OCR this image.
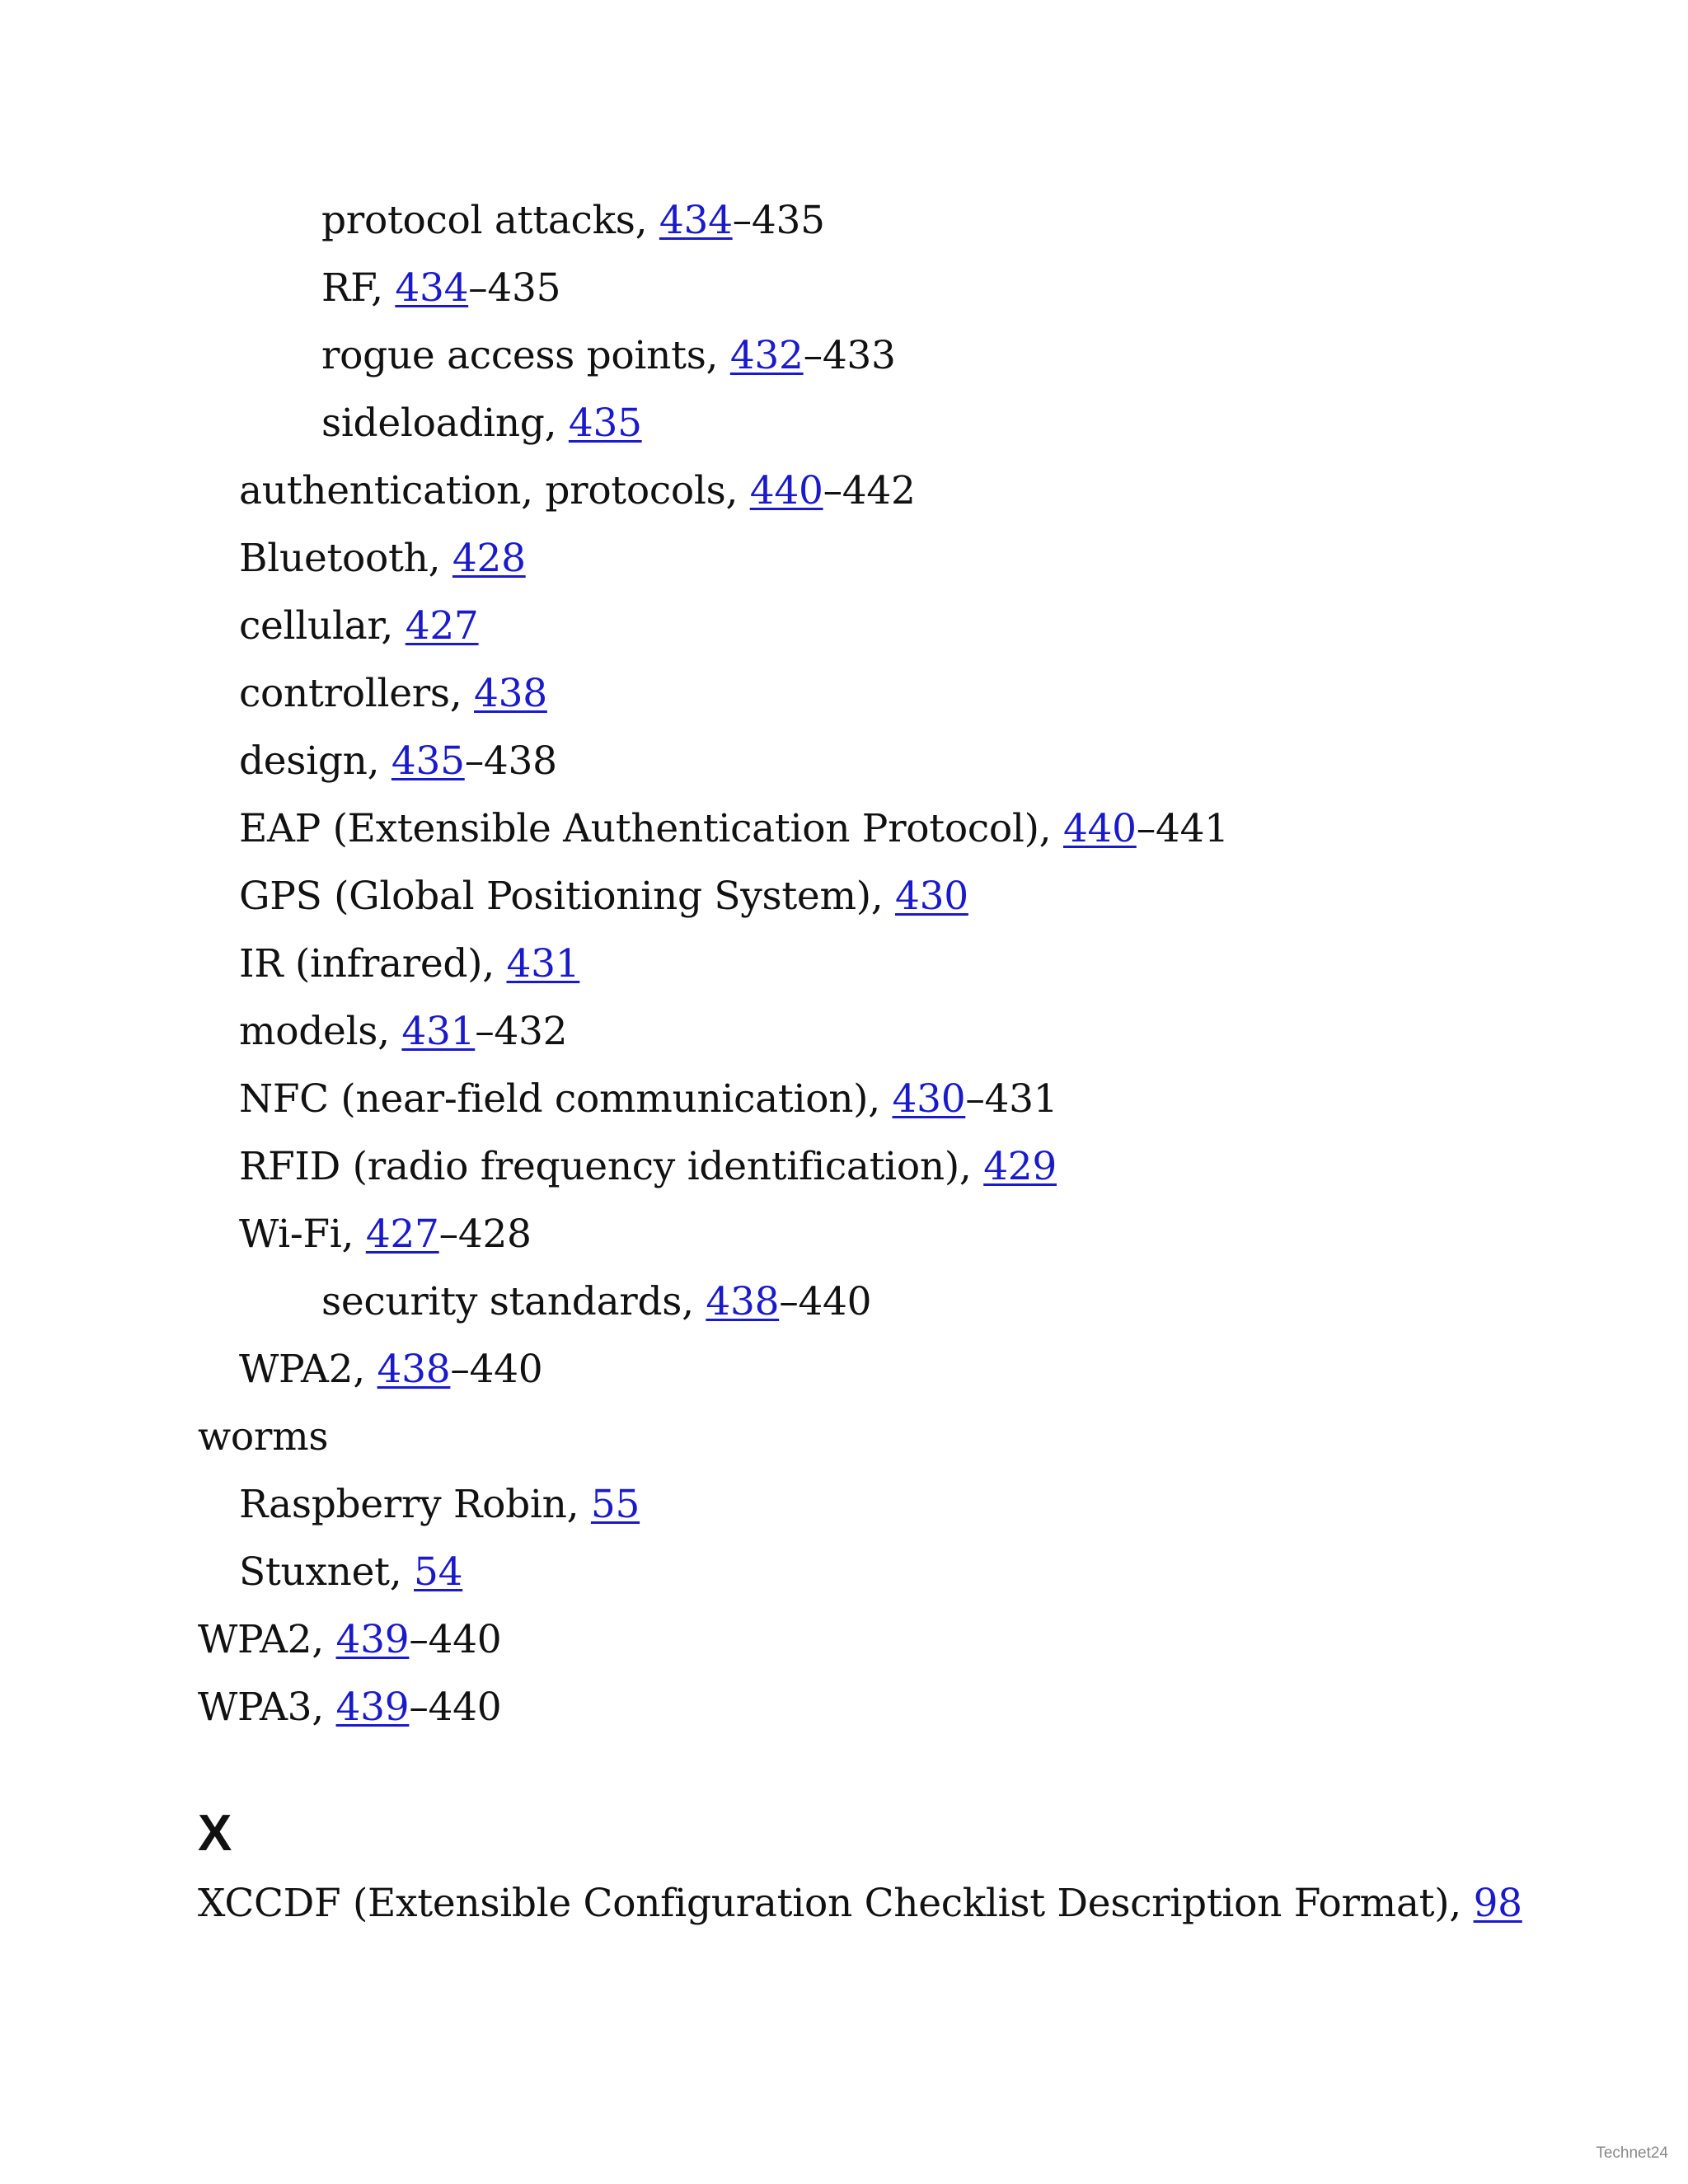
protocol attacks, 434–435
RF, 434–435
rogue access points, 432–433
sideloading, 435
authentication, protocols, 440–442
Bluetooth, 428
cellular, 427
controllers, 438
design, 435–438
EAP (Extensible Authentication Protocol), 440–441
GPS (Global Positioning System), 430
IR (infrared), 431
models, 431–432
NFC (near-field communication), 430–431
RFID (radio frequency identification), 429
Wi-Fi, 427–428
security standards, 438–440
WPA2, 438–440
worms
Raspberry Robin, 55
Stuxnet, 54
WPA2, 439–440
WPA3, 439–440
X
XCCDF (Extensible Configuration Checklist Description Format), 98
Technet24
